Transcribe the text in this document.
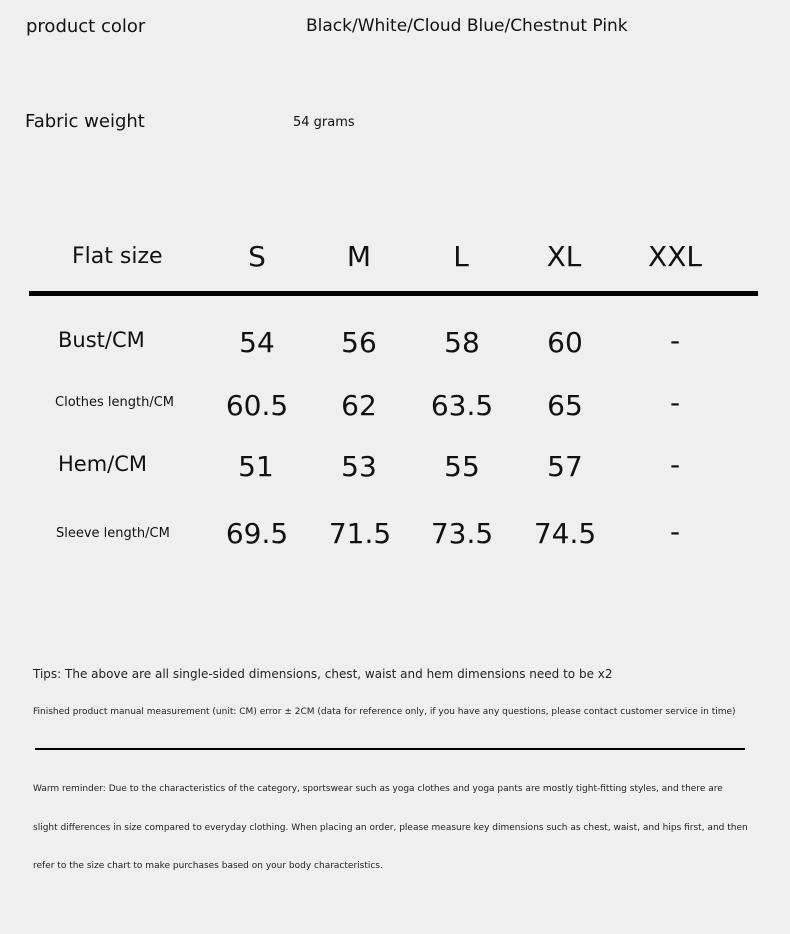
product color	Black/White/Cloud Blue/Chestnut Pink
Fabric weight	54 grams
Flat size	S	M	L	XL	XXL
Bust/CM	54	56	58	60	-
Clothes length/CM	60.5	62	63.5	65	-
Hem/CM	51	53	55	57	-
Sleeve length/CM	69.5	71.5	73.5	74.5	-
Tips: The above are all single-sided dimensions, chest, waist and hem dimensions need to be x2
Finished product manual measurement (unit: CM) error ± 2CM (data for reference only, if you have any questions, please contact customer service in time)
Warm reminder: Due to the characteristics of the category, sportswear such as yoga clothes and yoga pants are mostly tight-fitting styles, and there are
slight differences in size compared to everyday clothing. When placing an order, please measure key dimensions such as chest, waist, and hips first, and then
refer to the size chart to make purchases based on your body characteristics.
